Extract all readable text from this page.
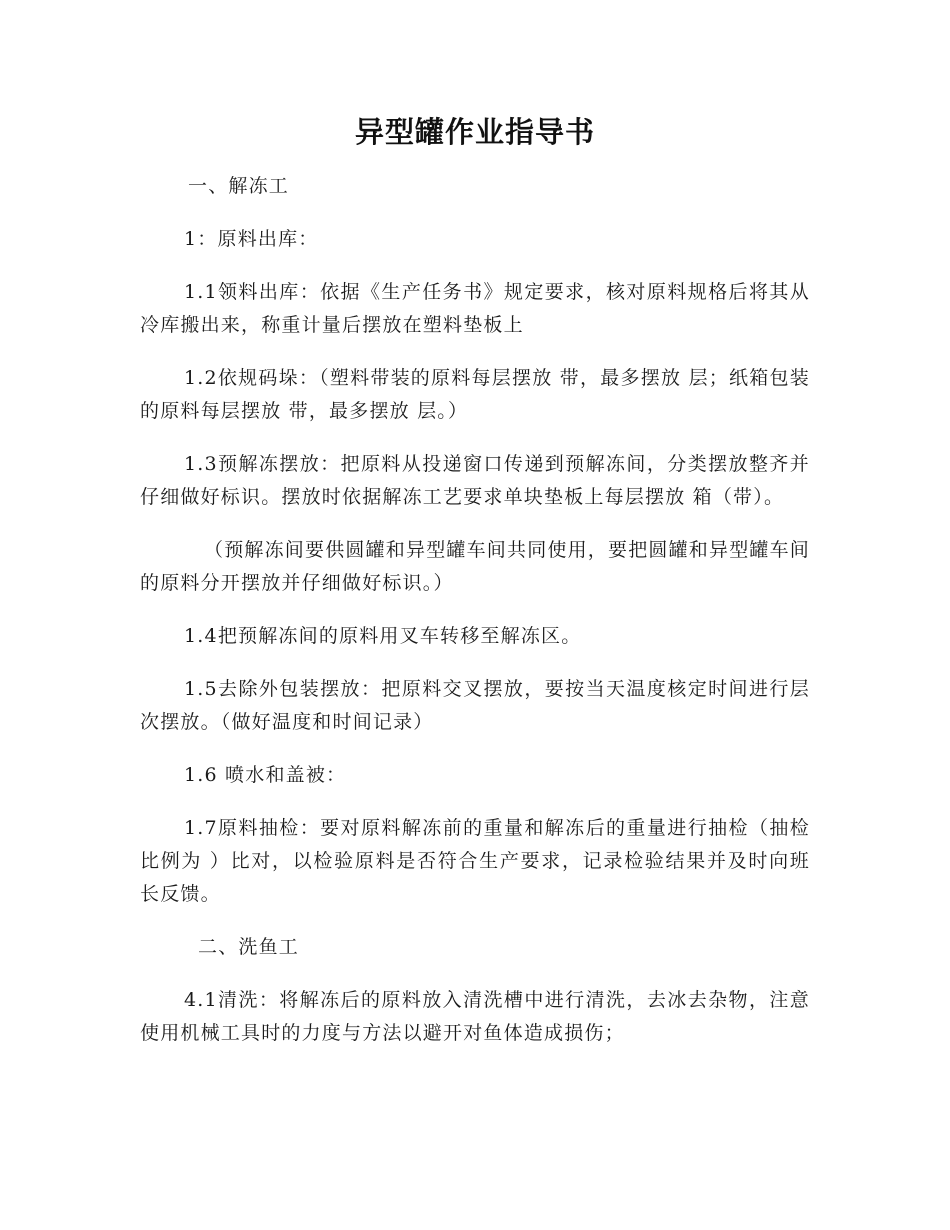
异型罐作业指导书

一、解冻工

1：原料出库：

1.1领料出库：依据《生产任务书》规定要求，核对原料规格后将其从冷库搬出来，称重计量后摆放在塑料垫板上

1.2依规码垛：（塑料带装的原料每层摆放 带，最多摆放 层；纸箱包装的原料每层摆放 带，最多摆放 层。）

1.3预解冻摆放：把原料从投递窗口传递到预解冻间，分类摆放整齐并仔细做好标识。摆放时依据解冻工艺要求单块垫板上每层摆放 箱（带）。

（预解冻间要供圆罐和异型罐车间共同使用，要把圆罐和异型罐车间的原料分开摆放并仔细做好标识。）

1.4把预解冻间的原料用叉车转移至解冻区。

1.5去除外包装摆放：把原料交叉摆放，要按当天温度核定时间进行层次摆放。（做好温度和时间记录）

1.6 喷水和盖被：

1.7原料抽检：要对原料解冻前的重量和解冻后的重量进行抽检（抽检比例为 ）比对，以检验原料是否符合生产要求，记录检验结果并及时向班长反馈。

二、洗鱼工

4.1清洗：将解冻后的原料放入清洗槽中进行清洗，去冰去杂物，注意使用机械工具时的力度与方法以避开对鱼体造成损伤；
